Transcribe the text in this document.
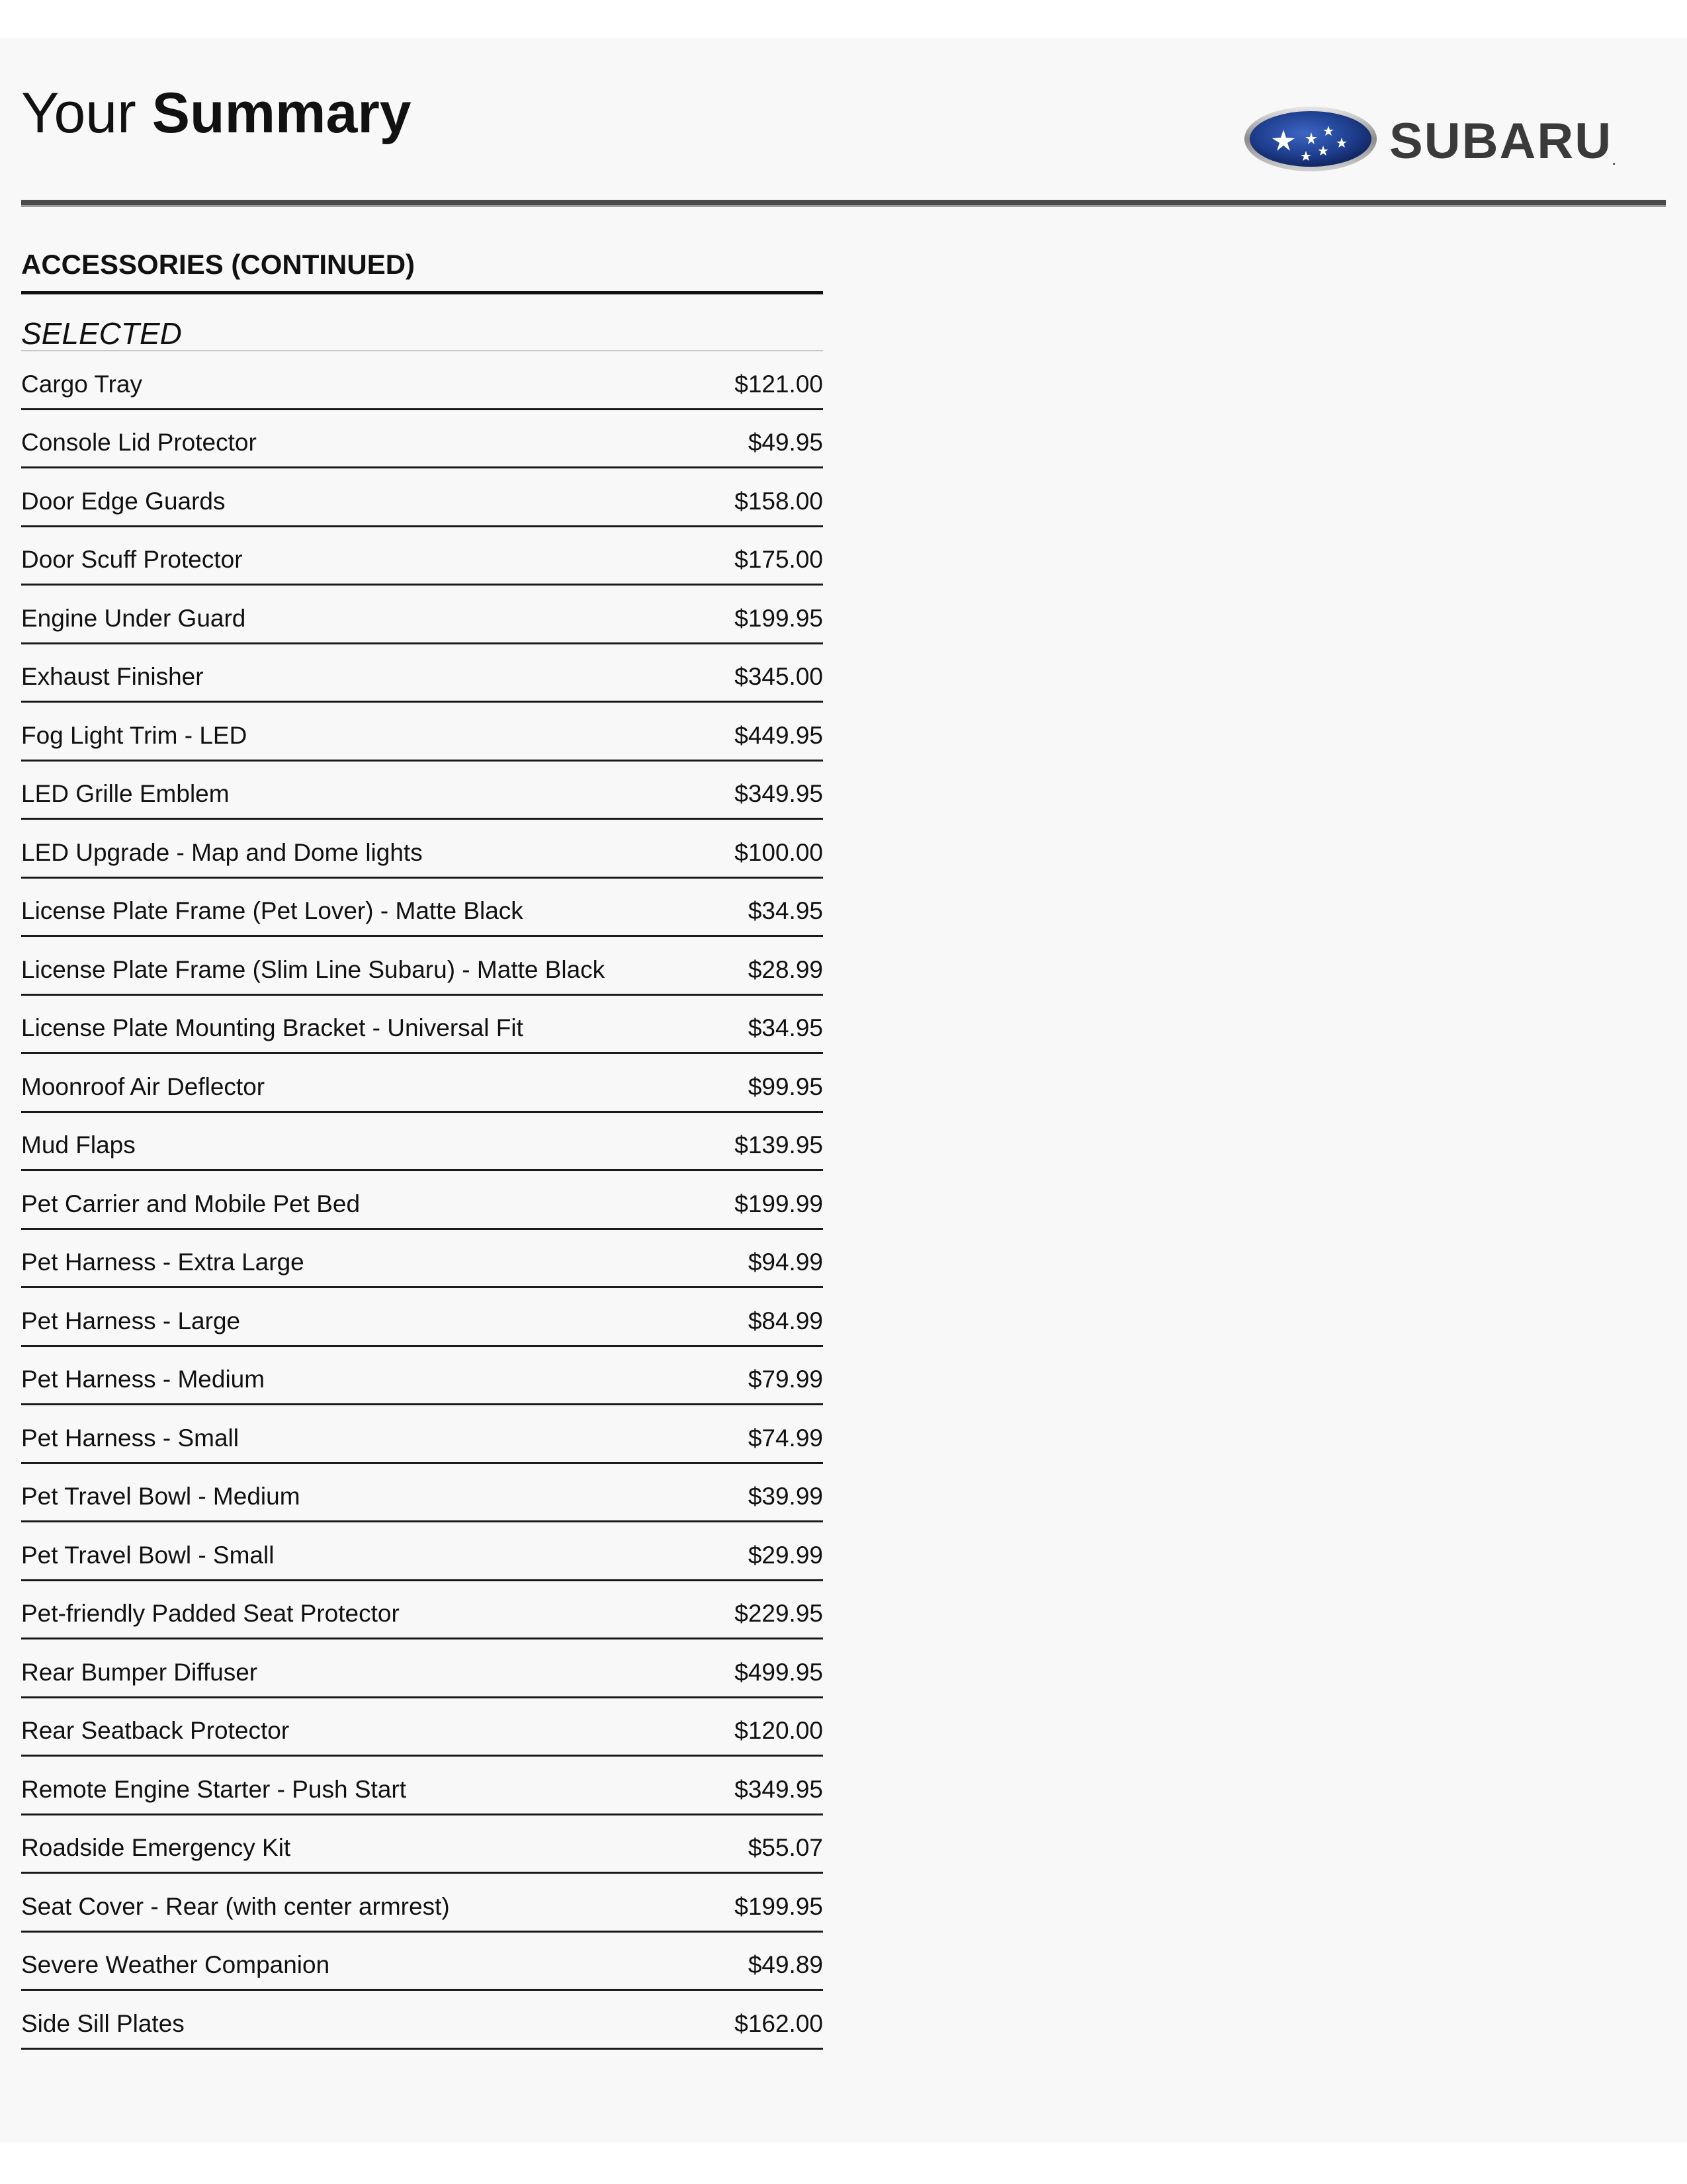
Your Summary	SUBARU.
ACCESSORIES (CONTINUED)
SELECTED
Cargo Tray	$121.00
Console Lid Protector	$49.95
Door Edge Guards	$158.00
Door Scuff Protector	$175.00
Engine Under Guard	$199.95
Exhaust Finisher	$345.00
Fog Light Trim - LED	$449.95
LED Grille Emblem	$349.95
LED Upgrade - Map and Dome lights	$100.00
License Plate Frame (Pet Lover) - Matte Black	$34.95
License Plate Frame (Slim Line Subaru) - Matte Black	$28.99
License Plate Mounting Bracket - Universal Fit	$34.95
Moonroof Air Deflector	$99.95
Mud Flaps	$139.95
Pet Carrier and Mobile Pet Bed	$199.99
Pet Harness - Extra Large	$94.99
Pet Harness - Large	$84.99
Pet Harness - Medium	$79.99
Pet Harness - Small	$74.99
Pet Travel Bowl - Medium	$39.99
Pet Travel Bowl - Small	$29.99
Pet-friendly Padded Seat Protector	$229.95
Rear Bumper Diffuser	$499.95
Rear Seatback Protector	$120.00
Remote Engine Starter - Push Start	$349.95
Roadside Emergency Kit	$55.07
Seat Cover - Rear (with center armrest)	$199.95
Severe Weather Companion	$49.89
Side Sill Plates	$162.00
